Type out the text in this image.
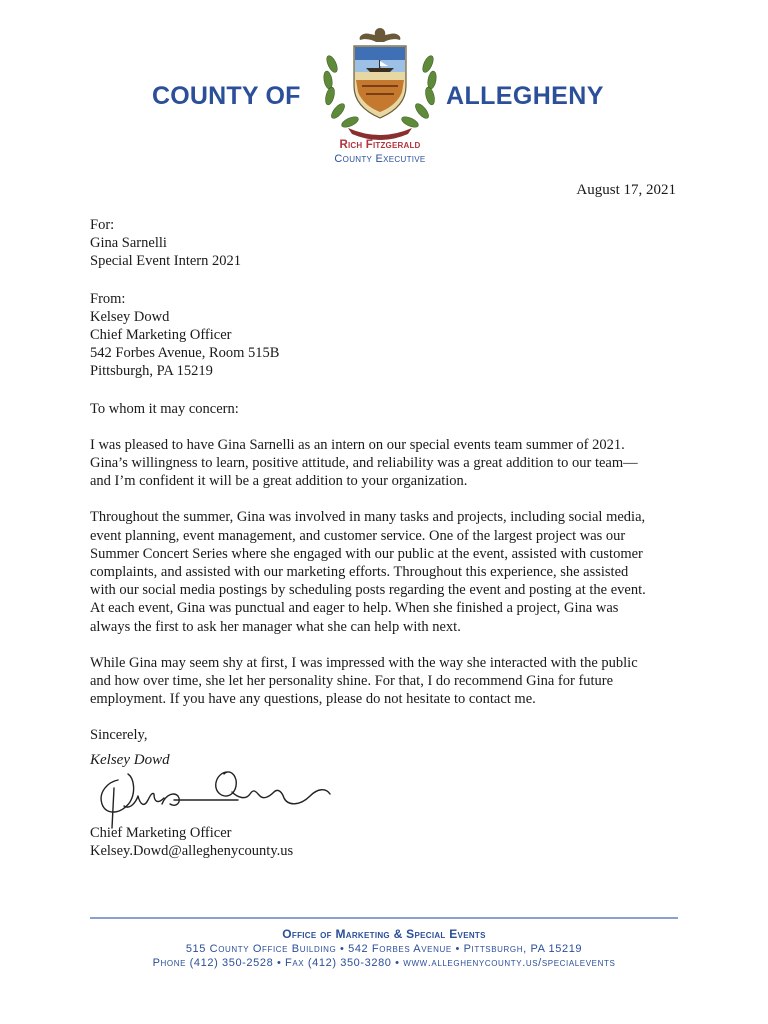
COUNTY OF	ALLEGHENY
Rich Fitzgerald
County Executive
August 17, 2021

For:
Gina Sarnelli
Special Event Intern 2021

From:
Kelsey Dowd
Chief Marketing Officer
542 Forbes Avenue, Room 515B
Pittsburgh, PA 15219

To whom it may concern:

I was pleased to have Gina Sarnelli as an intern on our special events team summer of 2021.
Gina’s willingness to learn, positive attitude, and reliability was a great addition to our team—
and I’m confident it will be a great addition to your organization.

Throughout the summer, Gina was involved in many tasks and projects, including social media,
event planning, event management, and customer service. One of the largest project was our
Summer Concert Series where she engaged with our public at the event, assisted with customer
complaints, and assisted with our marketing efforts. Throughout this experience, she assisted
with our social media postings by scheduling posts regarding the event and posting at the event.
At each event, Gina was punctual and eager to help. When she finished a project, Gina was
always the first to ask her manager what she can help with next.

While Gina may seem shy at first, I was impressed with the way she interacted with the public
and how over time, she let her personality shine. For that, I do recommend Gina for future
employment. If you have any questions, please do not hesitate to contact me.

Sincerely,

Kelsey Dowd
Chief Marketing Officer
Kelsey.Dowd@alleghenycounty.us
Office of Marketing & Special Events
515 County Office Building • 542 Forbes Avenue • Pittsburgh, PA 15219
Phone (412) 350-2528 • Fax (412) 350-3280 • www.alleghenycounty.us/specialevents
